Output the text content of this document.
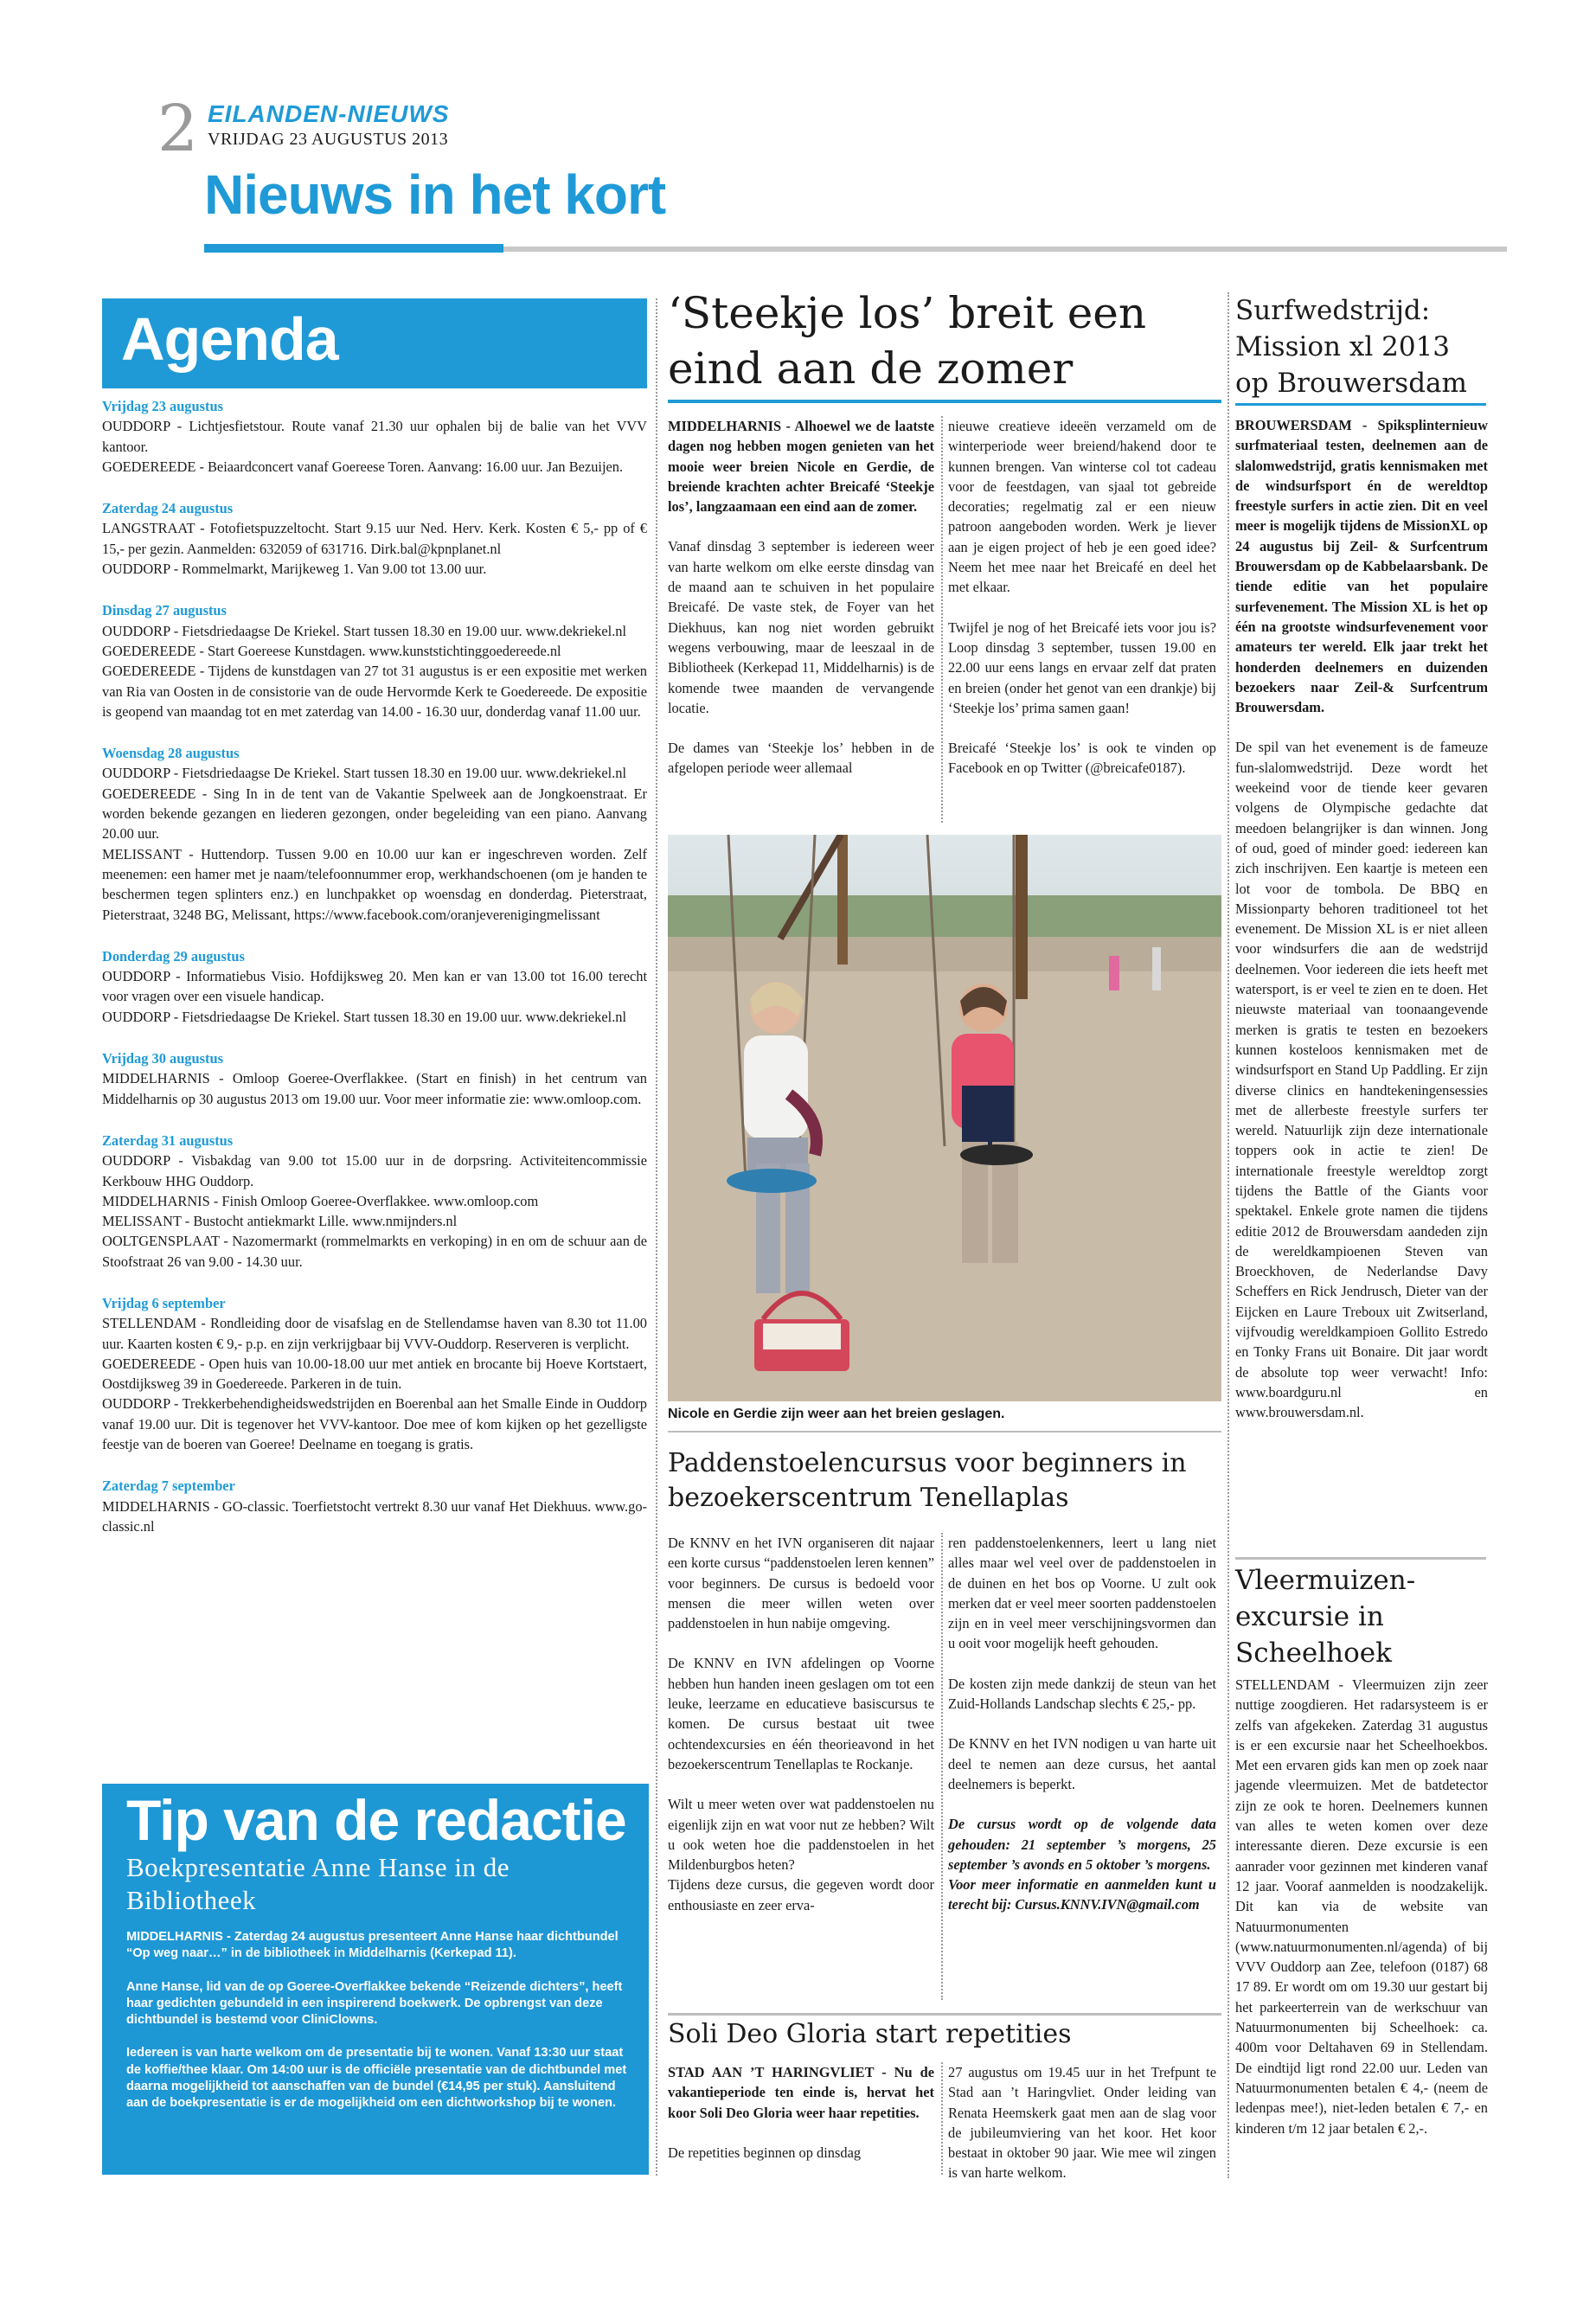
2 EILANDEN-NIEUWS
VRIJDAG 23 AUGUSTUS 2013
Nieuws in het kort
Agenda

Vrijdag 23 augustus

OUDDORP - Lichtjesfietstour. Route vanaf 21.30 uur ophalen bij de balie van het VVV kantoor.

GOEDEREEDE - Beiaardconcert vanaf Goereese Toren. Aanvang: 16.00 uur. Jan Bezuijen.

Zaterdag 24 augustus

LANGSTRAAT - Fotofietspuzzeltocht. Start 9.15 uur Ned. Herv. Kerk. Kosten € 5,- pp of € 15,- per gezin. Aanmelden: 632059 of 631716. Dirk.bal@kpnplanet.nl

OUDDORP - Rommelmarkt, Marijkeweg 1. Van 9.00 tot 13.00 uur.

Dinsdag 27 augustus

OUDDORP - Fietsdriedaagse De Kriekel. Start tussen 18.30 en 19.00 uur. www.dekriekel.nl

GOEDEREEDE - Start Goereese Kunstdagen. www.kunststichtinggoedereede.nl

GOEDEREEDE - Tijdens de kunstdagen van 27 tot 31 augustus is er een expositie met werken van Ria van Oosten in de consistorie van de oude Hervormde Kerk te Goedereede. De expositie is geopend van maandag tot en met zaterdag van 14.00 - 16.30 uur, donderdag vanaf 11.00 uur.

Woensdag 28 augustus

OUDDORP - Fietsdriedaagse De Kriekel. Start tussen 18.30 en 19.00 uur. www.dekriekel.nl

GOEDEREEDE - Sing In in de tent van de Vakantie Spelweek aan de Jongkoenstraat. Er worden bekende gezangen en liederen gezongen, onder begeleiding van een piano. Aanvang 20.00 uur.

MELISSANT - Huttendorp. Tussen 9.00 en 10.00 uur kan er ingeschreven worden. Zelf meenemen: een hamer met je naam/telefoonnummer erop, werkhandschoenen (om je handen te beschermen tegen splinters enz.) en lunchpakket op woensdag en donderdag. Pieterstraat, Pieterstraat, 3248 BG, Melissant, https://www.facebook.com/oranjeverenigingmelissant

Donderdag 29 augustus

OUDDORP - Informatiebus Visio. Hofdijksweg 20. Men kan er van 13.00 tot 16.00 terecht voor vragen over een visuele handicap.

OUDDORP - Fietsdriedaagse De Kriekel. Start tussen 18.30 en 19.00 uur. www.dekriekel.nl

Vrijdag 30 augustus

MIDDELHARNIS - Omloop Goeree-Overflakkee. (Start en finish) in het centrum van Middelharnis op 30 augustus 2013 om 19.00 uur. Voor meer informatie zie: www.omloop.com.

Zaterdag 31 augustus

OUDDORP - Visbakdag van 9.00 tot 15.00 uur in de dorpsring. Activiteitencommissie Kerkbouw HHG Ouddorp.

MIDDELHARNIS - Finish Omloop Goeree-Overflakkee. www.omloop.com

MELISSANT - Bustocht antiekmarkt Lille. www.nmijnders.nl

OOLTGENSPLAAT - Nazomermarkt (rommelmarkts en verkoping) in en om de schuur aan de Stoofstraat 26 van 9.00 - 14.30 uur.

Vrijdag 6 september

STELLENDAM - Rondleiding door de visafslag en de Stellendamse haven van 8.30 tot 11.00 uur. Kaarten kosten € 9,- p.p. en zijn verkrijgbaar bij VVV-Ouddorp. Reserveren is verplicht.

GOEDEREEDE - Open huis van 10.00-18.00 uur met antiek en brocante bij Hoeve Kortstaert, Oostdijksweg 39 in Goedereede. Parkeren in de tuin.

OUDDORP - Trekkerbehendigheidswedstrijden en Boerenbal aan het Smalle Einde in Ouddorp vanaf 19.00 uur. Dit is tegenover het VVV-kantoor. Doe mee of kom kijken op het gezelligste feestje van de boeren van Goeree! Deelname en toegang is gratis.

Zaterdag 7 september

MIDDELHARNIS - GO-classic. Toerfietstocht vertrekt 8.30 uur vanaf Het Diekhuus. www.go-classic.nl

Tip van de redactie
Boekpresentatie Anne Hanse in de Bibliotheek

MIDDELHARNIS - Zaterdag 24 augustus presenteert Anne Hanse haar dichtbundel “Op weg naar…” in de bibliotheek in Middelharnis (Kerkepad 11).

Anne Hanse, lid van de op Goeree-Overflakkee bekende “Reizende dichters”, heeft haar gedichten gebundeld in een inspirerend boekwerk. De opbrengst van deze dichtbundel is bestemd voor CliniClowns.

Iedereen is van harte welkom om de presentatie bij te wonen. Vanaf 13:30 uur staat de koffie/thee klaar. Om 14:00 uur is de officiële presentatie van de dichtbundel met daarna mogelijkheid tot aanschaffen van de bundel (€14,95 per stuk). Aansluitend aan de boekpresentatie is er de mogelijkheid om een dichtworkshop bij te wonen.

‘Steekje los’ breit een eind aan de zomer

MIDDELHARNIS - Alhoewel we de laatste dagen nog hebben mogen genieten van het mooie weer breien Nicole en Gerdie, de breiende krachten achter Breicafé ‘Steekje los’, langzaamaan een eind aan de zomer.

Vanaf dinsdag 3 september is iedereen weer van harte welkom om elke eerste dinsdag van de maand aan te schuiven in het populaire Breicafé. De vaste stek, de Foyer van het Diekhuus, kan nog niet worden gebruikt wegens verbouwing, maar de leeszaal in de Bibliotheek (Kerkepad 11, Middelharnis) is de komende twee maanden de vervangende locatie.

De dames van ‘Steekje los’ hebben in de afgelopen periode weer allemaal

nieuwe creatieve ideeën verzameld om de winterperiode weer breiend/hakend door te kunnen brengen. Van winterse col tot cadeau voor de feestdagen, van sjaal tot gebreide decoraties; regelmatig zal er een nieuw patroon aangeboden worden. Werk je liever aan je eigen project of heb je een goed idee? Neem het mee naar het Breicafé en deel het met elkaar.

Twijfel je nog of het Breicafé iets voor jou is? Loop dinsdag 3 september, tussen 19.00 en 22.00 uur eens langs en ervaar zelf dat praten en breien (onder het genot van een drankje) bij ‘Steekje los’ prima samen gaan!

Breicafé ‘Steekje los’ is ook te vinden op Facebook en op Twitter (@breicafe0187).

Nicole en Gerdie zijn weer aan het breien geslagen.
Paddenstoelencursus voor beginners in bezoekerscentrum Tenellaplas

De KNNV en het IVN organiseren dit najaar een korte cursus “paddenstoelen leren kennen” voor beginners. De cursus is bedoeld voor mensen die meer willen weten over paddenstoelen in hun nabije omgeving.

De KNNV en IVN afdelingen op Voorne hebben hun handen ineen geslagen om tot een leuke, leerzame en educatieve basiscursus te komen. De cursus bestaat uit twee ochtendexcursies en één theorieavond in het bezoekerscentrum Tenellaplas te Rockanje.

Wilt u meer weten over wat paddenstoelen nu eigenlijk zijn en wat voor nut ze hebben? Wilt u ook weten hoe die paddenstoelen in het Mildenburgbos heten?

Tijdens deze cursus, die gegeven wordt door enthousiaste en zeer erva-

ren paddenstoelenkenners, leert u lang niet alles maar wel veel over de paddenstoelen in de duinen en het bos op Voorne. U zult ook merken dat er veel meer soorten paddenstoelen zijn en in veel meer verschijningsvormen dan u ooit voor mogelijk heeft gehouden.

De kosten zijn mede dankzij de steun van het Zuid-Hollands Landschap slechts € 25,- pp.

De KNNV en het IVN nodigen u van harte uit deel te nemen aan deze cursus, het aantal deelnemers is beperkt.

De cursus wordt op de volgende data gehouden: 21 september ’s morgens, 25 september ’s avonds en 5 oktober ’s morgens.

Voor meer informatie en aanmelden kunt u terecht bij: Cursus.KNNV.IVN@gmail.com

Soli Deo Gloria start repetities

STAD AAN ’T HARINGVLIET - Nu de vakantieperiode ten einde is, hervat het koor Soli Deo Gloria weer haar repetities.

De repetities beginnen op dinsdag

27 augustus om 19.45 uur in het Trefpunt te Stad aan ’t Haringvliet. Onder leiding van Renata Heemskerk gaat men aan de slag voor de jubileumviering van het koor. Het koor bestaat in oktober 90 jaar. Wie mee wil zingen is van harte welkom.

Surfwedstrijd: Mission xl 2013 op Brouwersdam

BROUWERSDAM - Spiksplinternieuw surfmateriaal testen, deelnemen aan de slalomwedstrijd, gratis kennismaken met de windsurfsport én de wereldtop freestyle surfers in actie zien. Dit en veel meer is mogelijk tijdens de MissionXL op 24 augustus bij Zeil- & Surfcentrum Brouwersdam op de Kabbelaarsbank. De tiende editie van het populaire surfevenement. The Mission XL is het op één na grootste windsurfevenement voor amateurs ter wereld. Elk jaar trekt het honderden deelnemers en duizenden bezoekers naar Zeil-& Surfcentrum Brouwersdam.

De spil van het evenement is de fameuze fun-slalomwedstrijd. Deze wordt het weekeind voor de tiende keer gevaren volgens de Olympische gedachte dat meedoen belangrijker is dan winnen. Jong of oud, goed of minder goed: iedereen kan zich inschrijven. Een kaartje is meteen een lot voor de tombola. De BBQ en Missionparty behoren traditioneel tot het evenement. De Mission XL is er niet alleen voor windsurfers die aan de wedstrijd deelnemen. Voor iedereen die iets heeft met watersport, is er veel te zien en te doen. Het nieuwste materiaal van toonaangevende merken is gratis te testen en bezoekers kunnen kosteloos kennismaken met de windsurfsport en Stand Up Paddling. Er zijn diverse clinics en handtekeningensessies met de allerbeste freestyle surfers ter wereld. Natuurlijk zijn deze internationale toppers ook in actie te zien! De internationale freestyle wereldtop zorgt tijdens the Battle of the Giants voor spektakel. Enkele grote namen die tijdens editie 2012 de Brouwersdam aandeden zijn de wereldkampioenen Steven van Broeckhoven, de Nederlandse Davy Scheffers en Rick Jendrusch, Dieter van der Eijcken en Laure Treboux uit Zwitserland, vijfvoudig wereldkampioen Gollito Estredo en Tonky Frans uit Bonaire. Dit jaar wordt de absolute top weer verwacht! Info: www.boardguru.nl en www.brouwersdam.nl.

Vleermuizen-excursie in Scheelhoek

STELLENDAM - Vleermuizen zijn zeer nuttige zoogdieren. Het radarsysteem is er zelfs van afgekeken. Zaterdag 31 augustus is er een excursie naar het Scheelhoekbos. Met een ervaren gids kan men op zoek naar jagende vleermuizen. Met de batdetector zijn ze ook te horen. Deelnemers kunnen van alles te weten komen over deze interessante dieren. Deze excursie is een aanrader voor gezinnen met kinderen vanaf 12 jaar. Vooraf aanmelden is noodzakelijk. Dit kan via de website van Natuurmonumenten (www.natuurmonumenten.nl/agenda) of bij VVV Ouddorp aan Zee, telefoon (0187) 68 17 89. Er wordt om om 19.30 uur gestart bij het parkeerterrein van de werkschuur van Natuurmonumenten bij Scheelhoek: ca. 400m voor Deltahaven 69 in Stellendam. De eindtijd ligt rond 22.00 uur. Leden van Natuurmonumenten betalen € 4,- (neem de ledenpas mee!), niet-leden betalen € 7,- en kinderen t/m 12 jaar betalen € 2,-.
